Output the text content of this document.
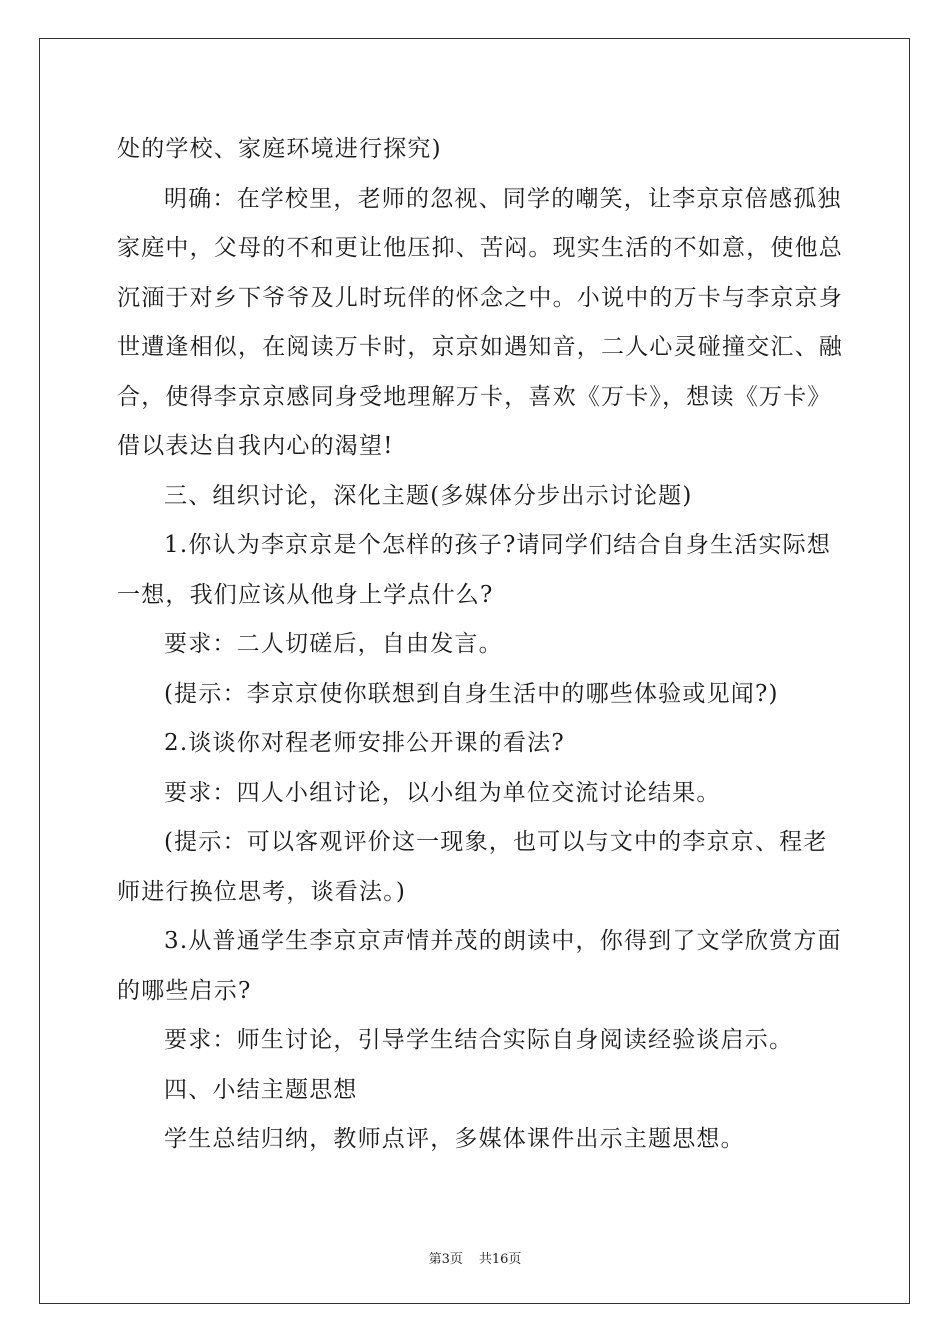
处的学校、家庭环境进行探究)
明确：在学校里，老师的忽视、同学的嘲笑，让李京京倍感孤独
家庭中，父母的不和更让他压抑、苦闷。现实生活的不如意，使他总
沉湎于对乡下爷爷及儿时玩伴的怀念之中。小说中的万卡与李京京身
世遭逢相似，在阅读万卡时，京京如遇知音，二人心灵碰撞交汇、融
合，使得李京京感同身受地理解万卡，喜欢《万卡》，想读《万卡》
借以表达自我内心的渴望!
三、组织讨论，深化主题(多媒体分步出示讨论题)
1.你认为李京京是个怎样的孩子?请同学们结合自身生活实际想
一想，我们应该从他身上学点什么?
要求：二人切磋后，自由发言。
(提示：李京京使你联想到自身生活中的哪些体验或见闻?)
2.谈谈你对程老师安排公开课的看法?
要求：四人小组讨论，以小组为单位交流讨论结果。
(提示：可以客观评价这一现象，也可以与文中的李京京、程老
师进行换位思考，谈看法。)
3.从普通学生李京京声情并茂的朗读中，你得到了文学欣赏方面
的哪些启示?
要求：师生讨论，引导学生结合实际自身阅读经验谈启示。
四、小结主题思想
学生总结归纳，教师点评，多媒体课件出示主题思想。
第3页 共16页
